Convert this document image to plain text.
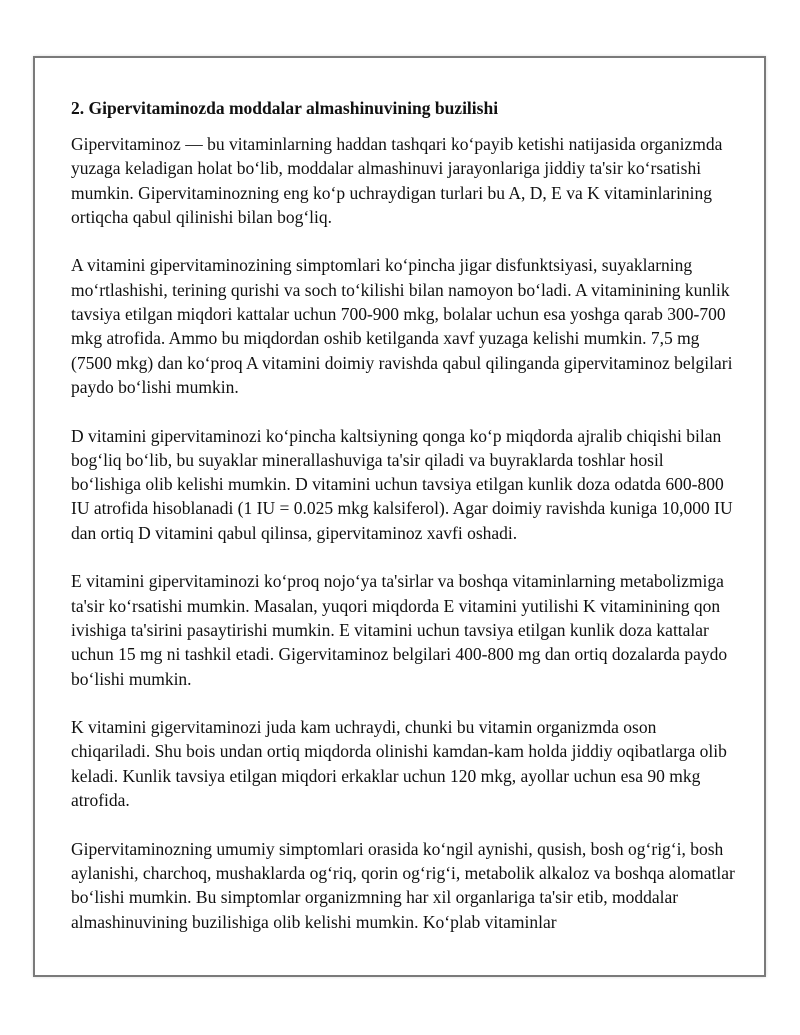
2. Gipervitaminozda moddalar almashinuvining buzilishi

Gipervitaminoz — bu vitaminlarning haddan tashqari koʻpayib ketishi natijasida organizmda yuzaga keladigan holat boʻlib, moddalar almashinuvi jarayonlariga jiddiy ta'sir koʻrsatishi mumkin. Gipervitaminozning eng koʻp uchraydigan turlari bu A, D, E va K vitaminlarining ortiqcha qabul qilinishi bilan bogʻliq.

A vitamini gipervitaminozining simptomlari koʻpincha jigar disfunktsiyasi, suyaklarning moʻrtlashishi, terining qurishi va soch toʻkilishi bilan namoyon boʻladi. A vitaminining kunlik tavsiya etilgan miqdori kattalar uchun 700-900 mkg, bolalar uchun esa yoshga qarab 300-700 mkg atrofida. Ammo bu miqdordan oshib ketilganda xavf yuzaga kelishi mumkin. 7,5 mg (7500 mkg) dan koʻproq A vitamini doimiy ravishda qabul qilinganda gipervitaminoz belgilari paydo boʻlishi mumkin.

D vitamini gipervitaminozi koʻpincha kaltsiyning qonga koʻp miqdorda ajralib chiqishi bilan bogʻliq boʻlib, bu suyaklar minerallashuviga ta'sir qiladi va buyraklarda toshlar hosil boʻlishiga olib kelishi mumkin. D vitamini uchun tavsiya etilgan kunlik doza odatda 600-800 IU atrofida hisoblanadi (1 IU = 0.025 mkg kalsiferol). Agar doimiy ravishda kuniga 10,000 IU dan ortiq D vitamini qabul qilinsa, gipervitaminoz xavfi oshadi.

E vitamini gipervitaminozi koʻproq nojoʻya ta'sirlar va boshqa vitaminlarning metabolizmiga ta'sir koʻrsatishi mumkin. Masalan, yuqori miqdorda E vitamini yutilishi K vitaminining qon ivishiga ta'sirini pasaytirishi mumkin. E vitamini uchun tavsiya etilgan kunlik doza kattalar uchun 15 mg ni tashkil etadi. Gigervitaminoz belgilari 400-800 mg dan ortiq dozalarda paydo boʻlishi mumkin.

K vitamini gigervitaminozi juda kam uchraydi, chunki bu vitamin organizmda oson chiqariladi. Shu bois undan ortiq miqdorda olinishi kamdan-kam holda jiddiy oqibatlarga olib keladi. Kunlik tavsiya etilgan miqdori erkaklar uchun 120 mkg, ayollar uchun esa 90 mkg atrofida.

Gipervitaminozning umumiy simptomlari orasida koʻngil aynishi, qusish, bosh ogʻrigʻi, bosh aylanishi, charchoq, mushaklarda ogʻriq, qorin ogʻrigʻi, metabolik alkaloz va boshqa alomatlar boʻlishi mumkin. Bu simptomlar organizmning har xil organlariga ta'sir etib, moddalar almashinuvining buzilishiga olib kelishi mumkin. Koʻplab vitaminlar
